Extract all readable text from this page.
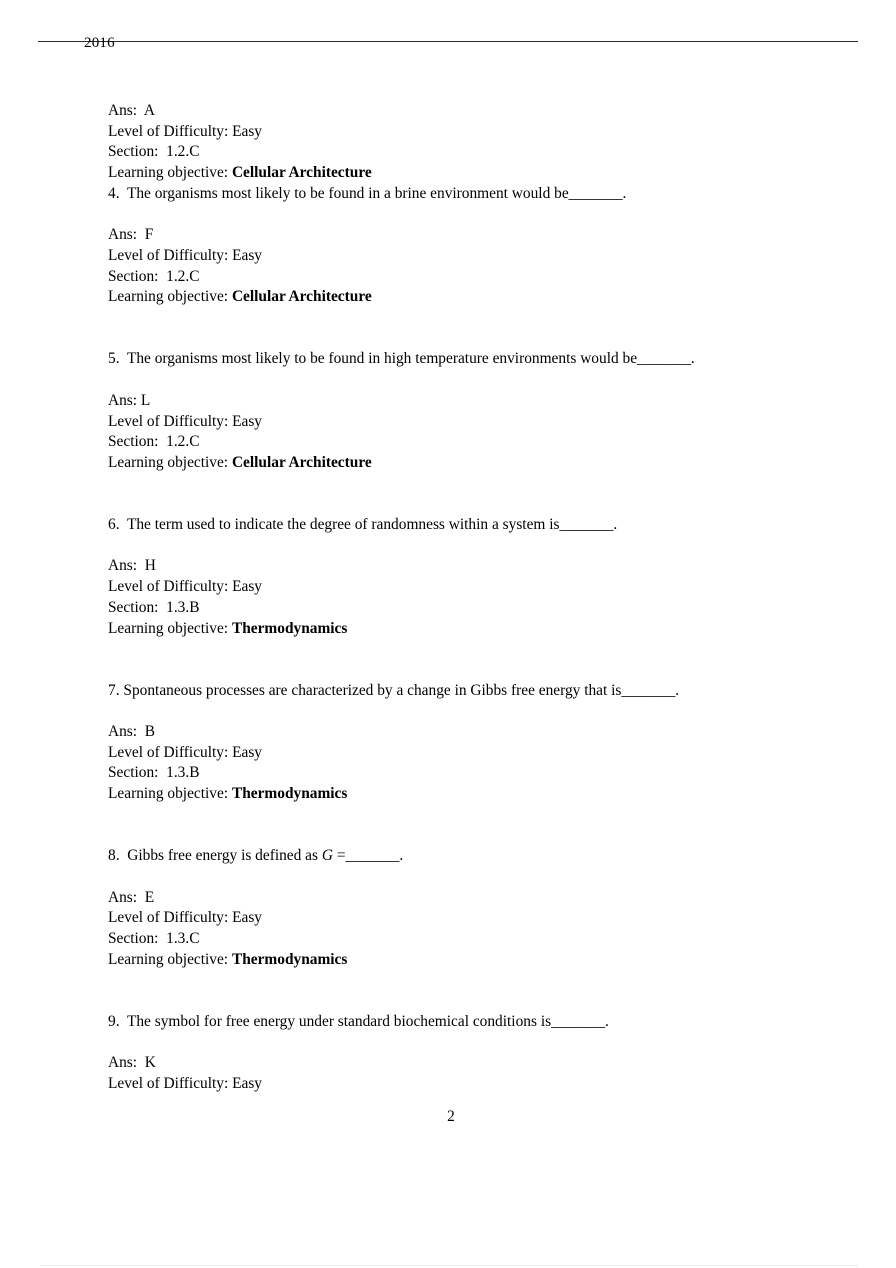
2016

Ans:  A

Level of Difficulty: Easy

Section:  1.2.C

Learning objective: Cellular Architecture

4.  The organisms most likely to be found in a brine environment would be_______.

Ans:  F

Level of Difficulty: Easy

Section:  1.2.C

Learning objective: Cellular Architecture

5.  The organisms most likely to be found in high temperature environments would be_______.

Ans: L

Level of Difficulty: Easy

Section:  1.2.C

Learning objective: Cellular Architecture

6.  The term used to indicate the degree of randomness within a system is_______.

Ans:  H

Level of Difficulty: Easy

Section:  1.3.B

Learning objective: Thermodynamics

7. Spontaneous processes are characterized by a change in Gibbs free energy that is_______.

Ans:  B

Level of Difficulty: Easy

Section:  1.3.B

Learning objective: Thermodynamics

8.  Gibbs free energy is defined as G =_______.

Ans:  E

Level of Difficulty: Easy

Section:  1.3.C

Learning objective: Thermodynamics

9.  The symbol for free energy under standard biochemical conditions is_______.

Ans:  K

Level of Difficulty: Easy

2
